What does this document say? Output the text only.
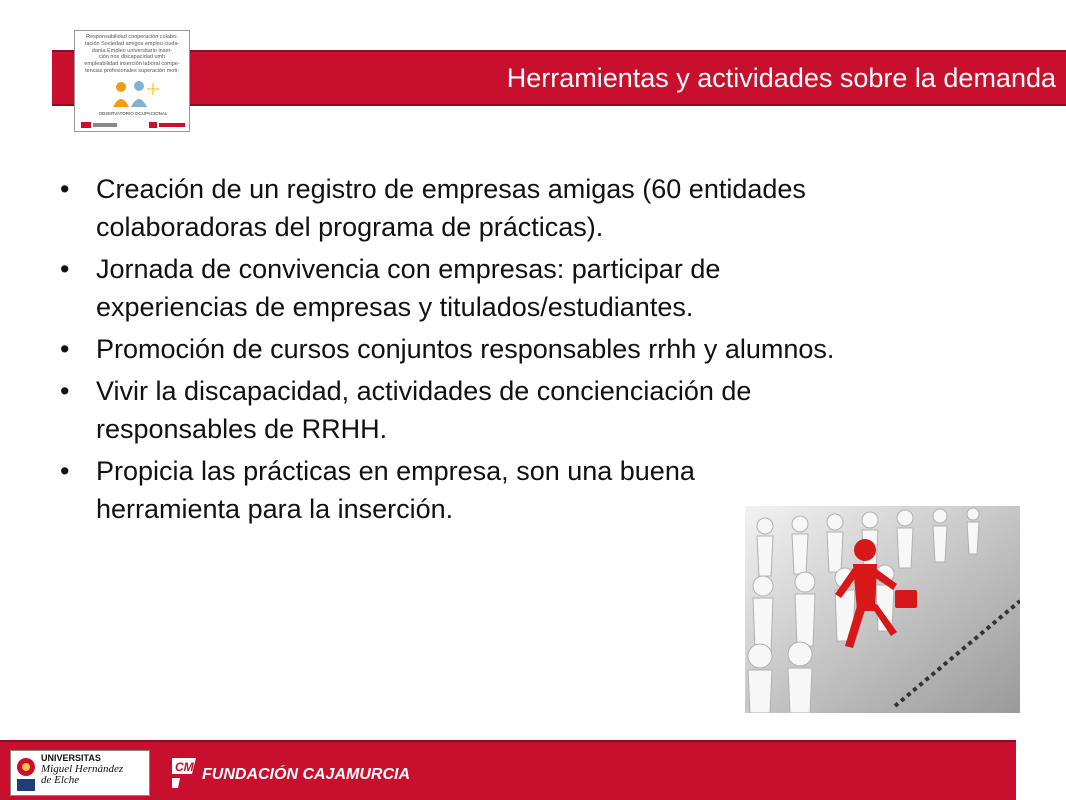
Herramientas y actividades sobre la demanda
Responsabilidad cooperación colabo-
ración Sociedad amigos empleo ciuda-
danía Empleo universitario inser-
ción nos discapacidad umh
empleabilidad inserción laboral compe-
tencias profesionales superación moti-
OBSERVATORIO OCUPACIONAL
• Creación de un registro de empresas amigas (60 entidades colaboradoras del programa de prácticas).
• Jornada de convivencia con empresas: participar de experiencias de empresas y titulados/estudiantes.
• Promoción de cursos conjuntos responsables rrhh y alumnos.
• Vivir la discapacidad, actividades de concienciación de responsables de RRHH.
• Propicia las prácticas en empresa, son una buena herramienta para la inserción.
UNIVERSITAS
Miguel Hernández
de Elche
CM FUNDACIÓN CAJAMURCIA
